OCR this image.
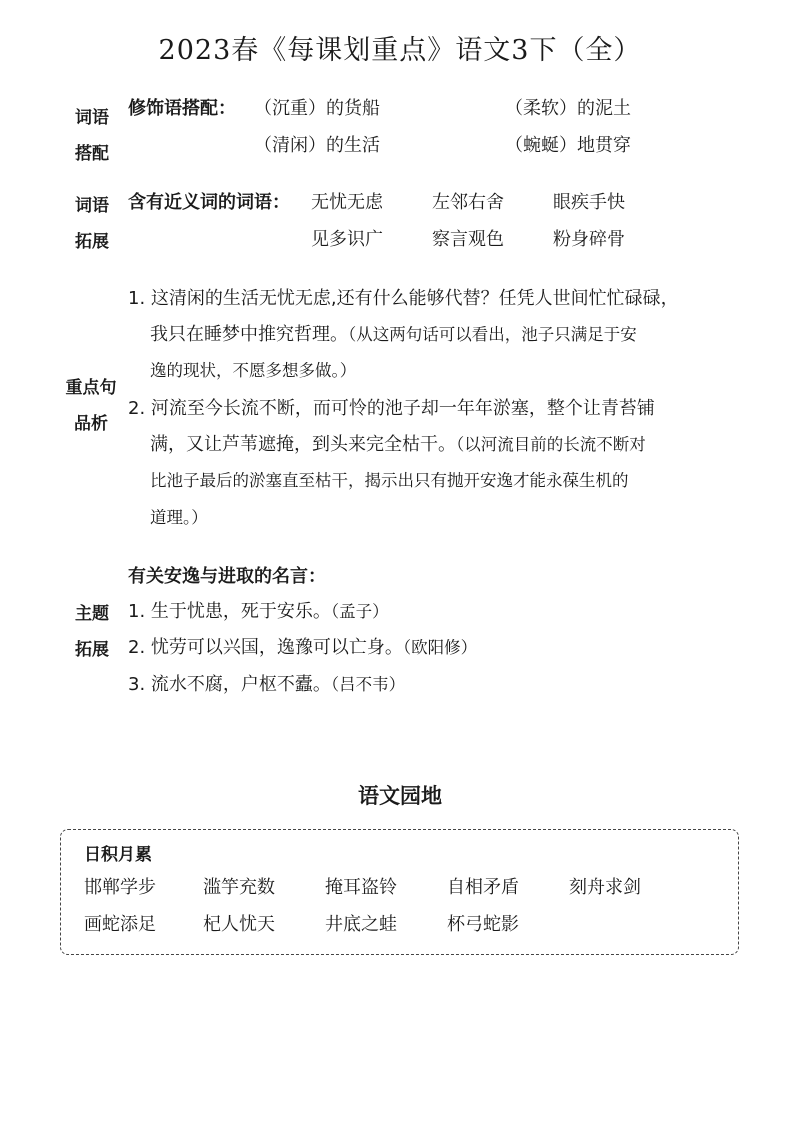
2023春《每课划重点》语文3下（全）
词语
搭配
修饰语搭配： （沉重）的货船	（柔软）的泥土
（清闲）的生活	（蜿蜒）地贯穿
词语
拓展
含有近义词的词语： 无忧无虑	左邻右舍	眼疾手快
见多识广	察言观色	粉身碎骨
重点句
品析
1. 这清闲的生活无忧无虑,还有什么能够代替？任凭人世间忙忙碌碌，
我只在睡梦中推究哲理。（从这两句话可以看出，池子只满足于安
逸的现状，不愿多想多做。）
2. 河流至今长流不断，而可怜的池子却一年年淤塞，整个让青苔铺
满，又让芦苇遮掩，到头来完全枯干。（以河流目前的长流不断对
比池子最后的淤塞直至枯干，揭示出只有抛开安逸才能永葆生机的
道理。）
主题
拓展
有关安逸与进取的名言：
1. 生于忧患，死于安乐。（孟子）
2. 忧劳可以兴国，逸豫可以亡身。（欧阳修）
3. 流水不腐，户枢不蠹。（吕不韦）
语文园地
日积月累
邯郸学步	滥竽充数	掩耳盗铃	自相矛盾	刻舟求剑
画蛇添足	杞人忧天	井底之蛙	杯弓蛇影
